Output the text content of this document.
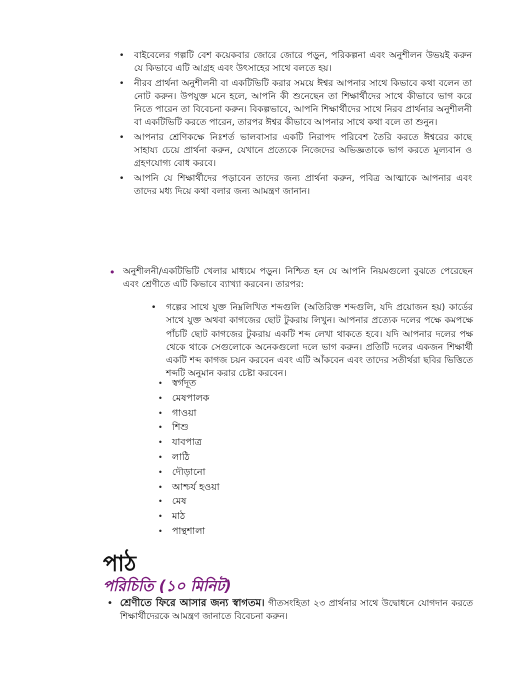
• বাইবেলের গল্পটি বেশ কয়েকবার জোরে জোরে পড়ুন, পরিকল্পনা এবং অনুশীলন উভয়ই করুন যে কিভাবে এটি আগ্রহ এবং উৎসাহের সাথে বলতে হয়।
• নীরব প্রার্থনা অনুশীলনী বা একটিভিটি করার সময়ে ঈশ্বর আপনার সাথে কিভাবে কথা বলেন তা নোট করুন। উপযুক্ত মনে হলে, আপনি কী শুনেছেন তা শিক্ষার্থীদের সাথে কীভাবে ভাগ করে নিতে পারেন তা বিবেচনা করুন। বিকল্পভাবে, আপনি শিক্ষার্থীদের সাথে নিরব প্রার্থনার অনুশীলনী বা একটিভিটি করতে পারেন, তারপর ঈশ্বর কীভাবে আপনার সাথে কথা বলে তা শুনুন।
• আপনার শ্রেণিকক্ষে নিঃশর্ত ভালবাসার একটি নিরাপদ পরিবেশ তৈরি করতে ঈশ্বরের কাছে সাহায্য চেয়ে প্রার্থনা করুন, যেখানে প্রত্যেকে নিজেদের অভিজ্ঞতাকে ভাগ করতে মূল্যবান ও গ্রহণযোগ্য বোধ করবে।
• আপনি যে শিক্ষার্থীদের পড়াবেন তাদের জন্য প্রার্থনা করুন, পবিত্র আত্মাকে আপনার এবং তাদের মধ্য দিয়ে কথা বলার জন্য আমন্ত্রণ জানান।
• অনুশীলনী/একটিভিটি খেলার মাধ্যমে পড়ুন। নিশ্চিত হন যে আপনি নিয়মগুলো বুঝতে পেরেছেন এবং শ্রেণীতে এটি কিভাবে ব্যাখ্যা করবেন। তারপর:
• গল্পের সাথে যুক্ত নিম্নলিখিত শব্দগুলি (অতিরিক্ত শব্দগুলি, যদি প্রয়োজন হয়) কার্ডের সাথে যুক্ত অথবা কাগজের ছোট টুকরায় লিখুন। আপনার প্রত্যেক দলের পক্ষে কমপক্ষে পাঁচটি ছোট কাগজের টুকরায় একটি শব্দ লেখা থাকতে হবে। যদি আপনার দলের পক্ষ থেকে থাকে সেগুলোকে অনেকগুলো দলে ভাগ করুন। প্রতিটি দলের একজন শিক্ষার্থী একটি শব্দ কাগজ চয়ন করবেন এবং এটি আঁকবেন এবং তাদের সতীর্থরা ছবির ভিত্তিতে শব্দটি অনুমান করার চেষ্টা করবেন।
• স্বর্গদূত
• মেষপালক
• গাওয়া
• শিশু
• যাবপাত্র
• লাঠি
• দৌড়ানো
• আশ্চর্য হওয়া
• মেষ
• মাঠ
• পান্থশালা
পাঠ
পরিচিতি (১০ মিনিট)
• শ্রেণীতে ফিরে আসার জন্য স্বাগতম। গীতসংহিতা ২৩ প্রার্থনার সাথে উদ্বোধনে যোগদান করতে শিক্ষার্থীদেরকে আমন্ত্রণ জানাতে বিবেচনা করুন।
